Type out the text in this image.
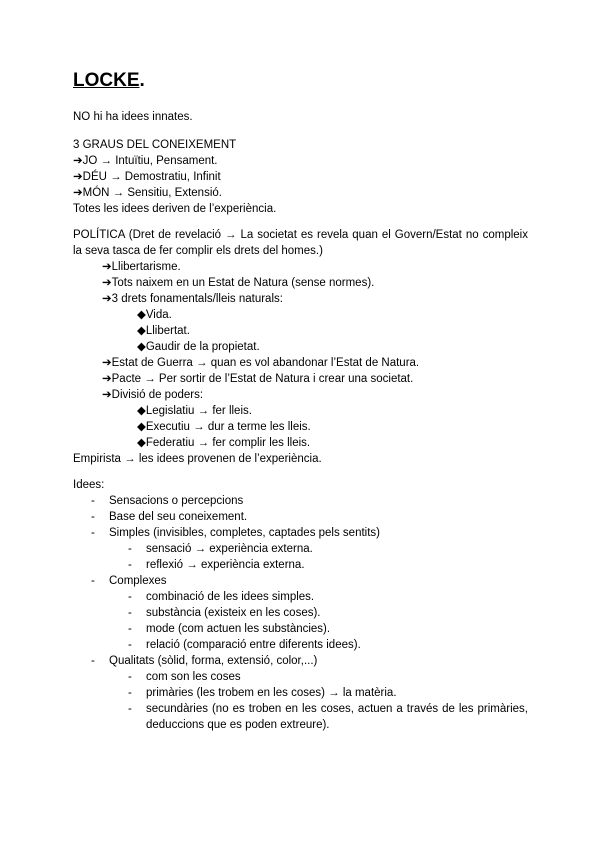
LOCKE.
NO hi ha idees innates.
3 GRAUS DEL CONEIXEMENT
➔JO → Intuïtiu, Pensament.
➔DÉU → Demostratiu, Infinit
➔MÓN → Sensitiu, Extensió.
Totes les idees deriven de l’experiència.
POLÍTICA (Dret de revelació → La societat es revela quan el Govern/Estat no compleix la seva tasca de fer complir els drets del homes.)
➔Llibertarisme.
➔Tots naixem en un Estat de Natura (sense normes).
➔3 drets fonamentals/lleis naturals:
◆Vida.
◆Llibertat.
◆Gaudir de la propietat.
➔Estat de Guerra → quan es vol abandonar l’Estat de Natura.
➔Pacte → Per sortir de l’Estat de Natura i crear una societat.
➔Divisió de poders:
◆Legislatiu → fer lleis.
◆Executiu → dur a terme les lleis.
◆Federatiu → fer complir les lleis.
Empirista → les idees provenen de l’experiència.
Idees:
- Sensacions o percepcions
- Base del seu coneixement.
- Simples (invisibles, completes, captades pels sentits)
- sensació → experiència externa.
- reflexió → experiència externa.
- Complexes
- combinació de les idees simples.
- substància (existeix en les coses).
- mode (com actuen les substàncies).
- relació (comparació entre diferents idees).
- Qualitats (sòlid, forma, extensió, color,...)
- com son les coses
- primàries (les trobem en les coses) → la matèria.
- secundàries (no es troben en les coses, actuen a través de les primàries, deduccions que es poden extreure).
